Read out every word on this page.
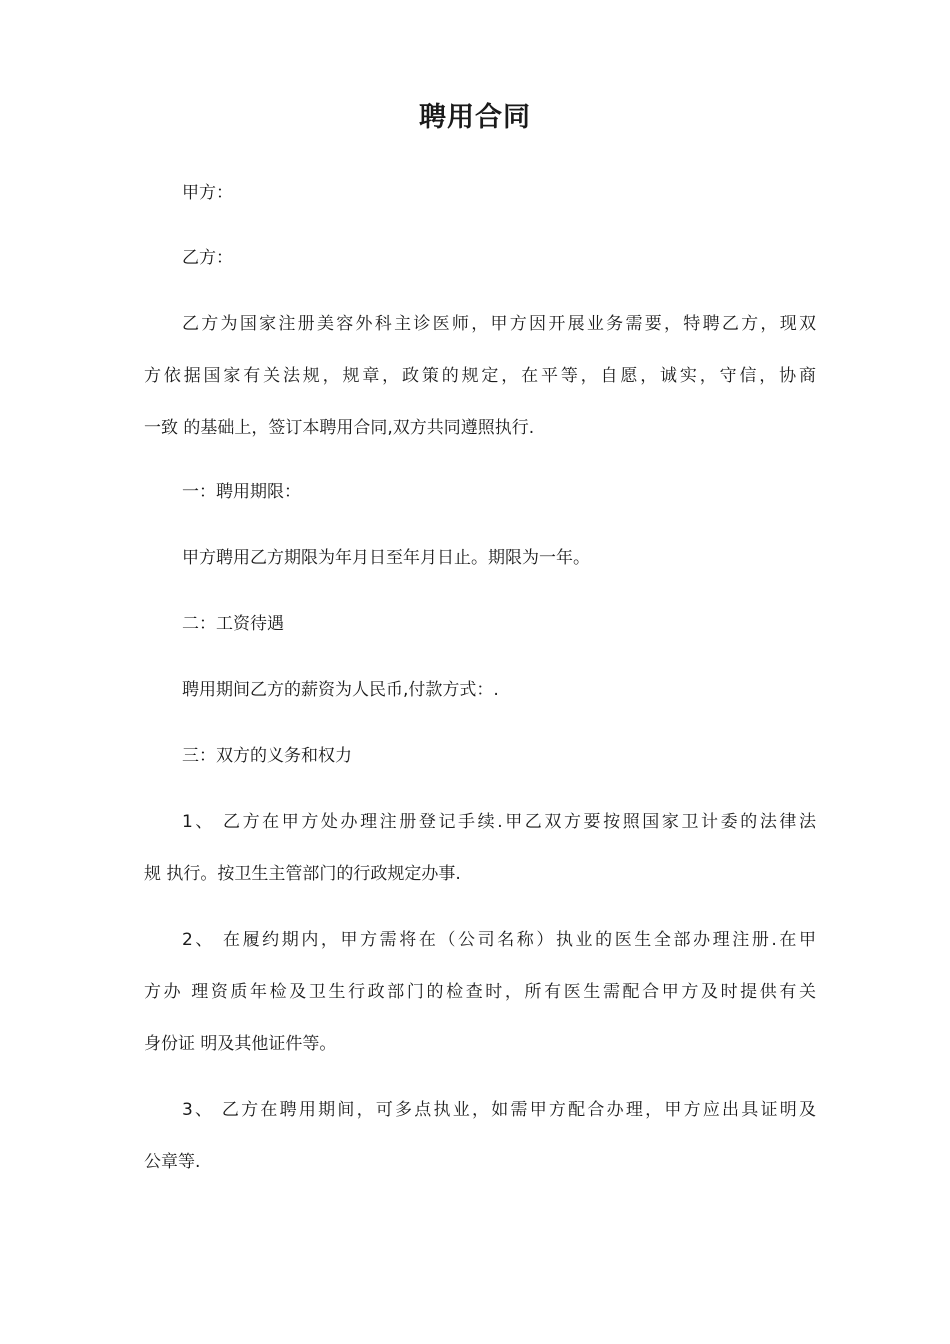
聘用合同
甲方：
乙方：
乙方为国家注册美容外科主诊医师，甲方因开展业务需要，特聘乙方，现双
方依据国家有关法规，规章，政策的规定，在平等，自愿，诚实，守信，协商
一致 的基础上，签订本聘用合同,双方共同遵照执行.
一：聘用期限：
甲方聘用乙方期限为年月日至年月日止。期限为一年。
二：工资待遇
聘用期间乙方的薪资为人民币,付款方式：.
三：双方的义务和权力
1、 乙方在甲方处办理注册登记手续.甲乙双方要按照国家卫计委的法律法
规 执行。按卫生主管部门的行政规定办事.
2、 在履约期内，甲方需将在（公司名称）执业的医生全部办理注册.在甲
方办 理资质年检及卫生行政部门的检查时，所有医生需配合甲方及时提供有关
身份证 明及其他证件等。
3、 乙方在聘用期间，可多点执业，如需甲方配合办理，甲方应出具证明及
公章等.
